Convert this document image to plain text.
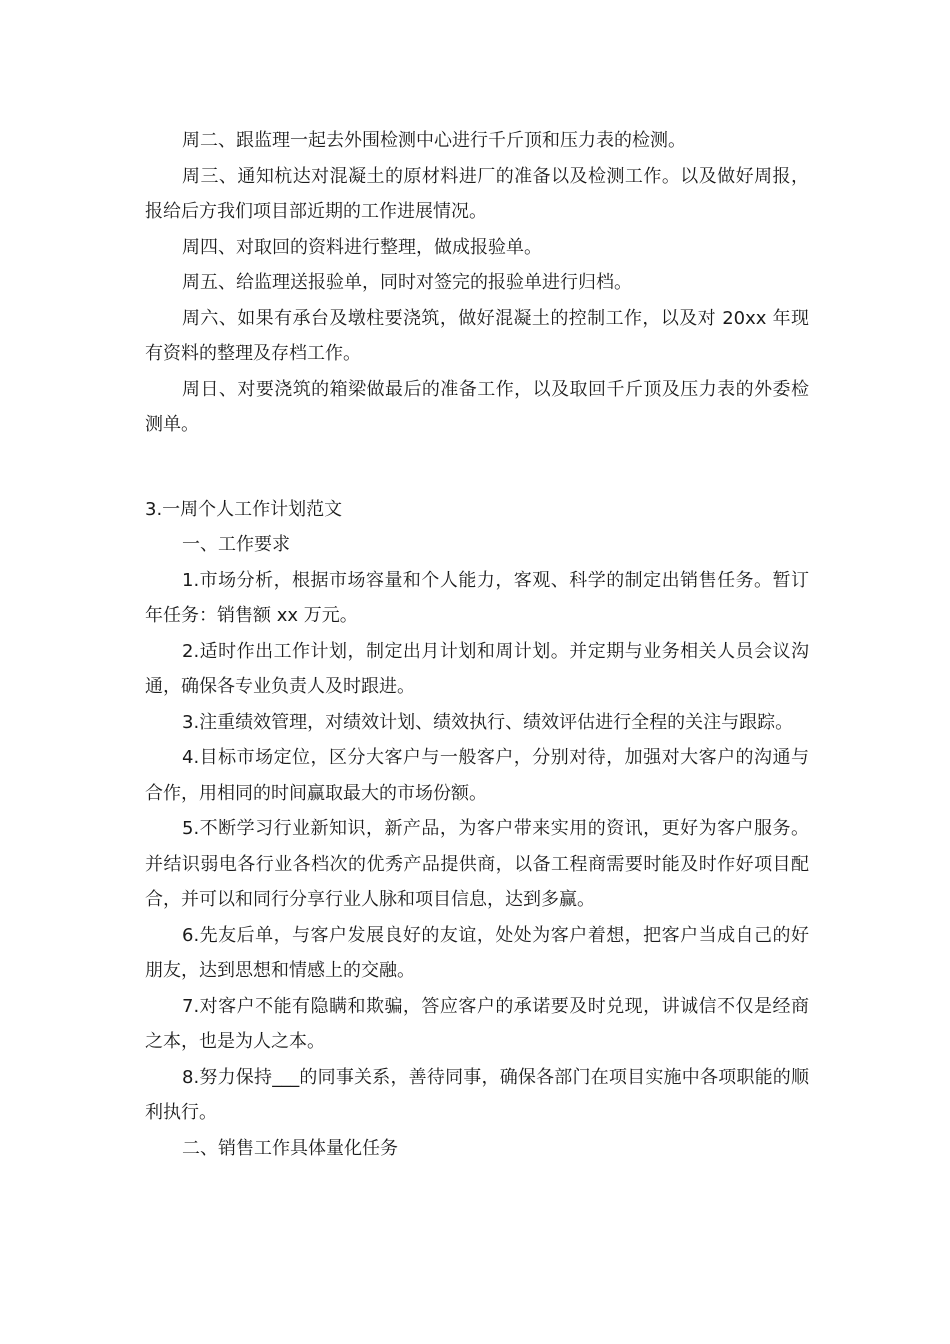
周二、跟监理一起去外围检测中心进行千斤顶和压力表的检测。

周三、通知杭达对混凝土的原材料进厂的准备以及检测工作。以及做好周报，报给后方我们项目部近期的工作进展情况。

周四、对取回的资料进行整理，做成报验单。

周五、给监理送报验单，同时对签完的报验单进行归档。

周六、如果有承台及墩柱要浇筑，做好混凝土的控制工作，以及对 20xx 年现有资料的整理及存档工作。

周日、对要浇筑的箱梁做最后的准备工作，以及取回千斤顶及压力表的外委检测单。

3.一周个人工作计划范文

一、工作要求

1.市场分析，根据市场容量和个人能力，客观、科学的制定出销售任务。暂订年任务：销售额 xx 万元。

2.适时作出工作计划，制定出月计划和周计划。并定期与业务相关人员会议沟通，确保各专业负责人及时跟进。

3.注重绩效管理，对绩效计划、绩效执行、绩效评估进行全程的关注与跟踪。

4.目标市场定位，区分大客户与一般客户，分别对待，加强对大客户的沟通与合作，用相同的时间赢取最大的市场份额。

5.不断学习行业新知识，新产品，为客户带来实用的资讯，更好为客户服务。并结识弱电各行业各档次的优秀产品提供商，以备工程商需要时能及时作好项目配合，并可以和同行分享行业人脉和项目信息，达到多赢。

6.先友后单，与客户发展良好的友谊，处处为客户着想，把客户当成自己的好朋友，达到思想和情感上的交融。

7.对客户不能有隐瞒和欺骗，答应客户的承诺要及时兑现，讲诚信不仅是经商之本，也是为人之本。

8.努力保持___的同事关系，善待同事，确保各部门在项目实施中各项职能的顺利执行。

二、销售工作具体量化任务
